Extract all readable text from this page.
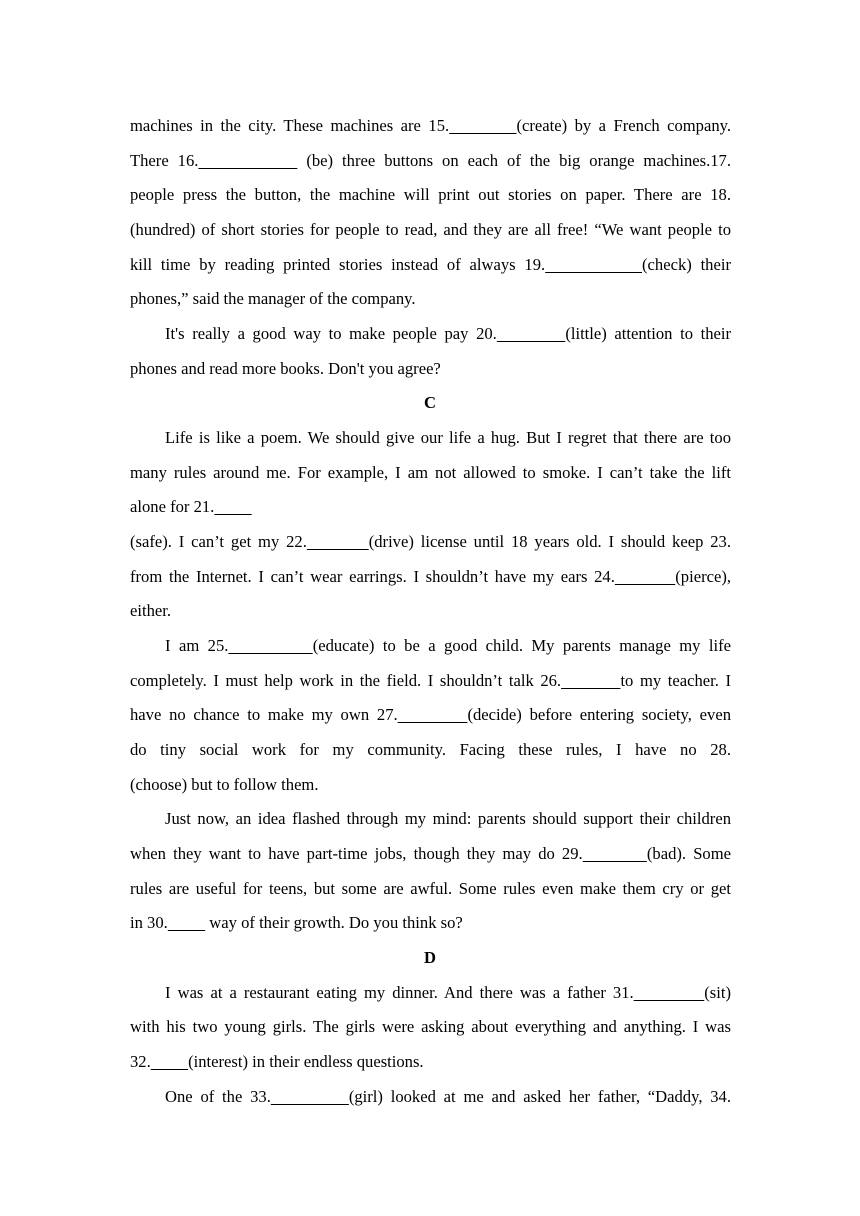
machines in the city. These machines are 15.	(create) by a French company.
There 16.	(be) three buttons on each of the big orange machines.17.
people press the button, the machine will print out stories on paper. There are 18.
(hundred) of short stories for people to read, and they are all free! “We want people to
kill time by reading printed stories instead of always 19.	(check) their
phones,” said the manager of the company.
It's really a good way to make people pay 20.	(little) attention to their
phones and read more books. Don't you agree?
C
Life is like a poem. We should give our life a hug. But I regret that there are too
many rules around me. For example, I am not allowed to smoke. I can’t take the lift
alone for 21.
(safe). I can’t get my 22.	(drive) license until 18 years old. I should keep 23.
from the Internet. I can’t wear earrings. I shouldn’t have my ears 24.	(pierce),
either.
I am 25.	(educate) to be a good child. My parents manage my life
completely. I must help work in the field. I shouldn’t talk 26.	to my teacher. I
have no chance to make my own 27.	(decide) before entering society, even
do tiny social work for my community. Facing these rules, I have no 28.
(choose) but to follow them.
Just now, an idea flashed through my mind: parents should support their children
when they want to have part-time jobs, though they may do 29.	(bad). Some
rules are useful for teens, but some are awful. Some rules even make them cry or get
in 30.          way of their growth. Do you think so?
D
I was at a restaurant eating my dinner. And there was a father 31.	(sit)
with his two young girls. The girls were asking about everything and anything. I was
32. (interest) in their endless questions.
One of the 33.	(girl) looked at me and asked her father, “Daddy, 34.
